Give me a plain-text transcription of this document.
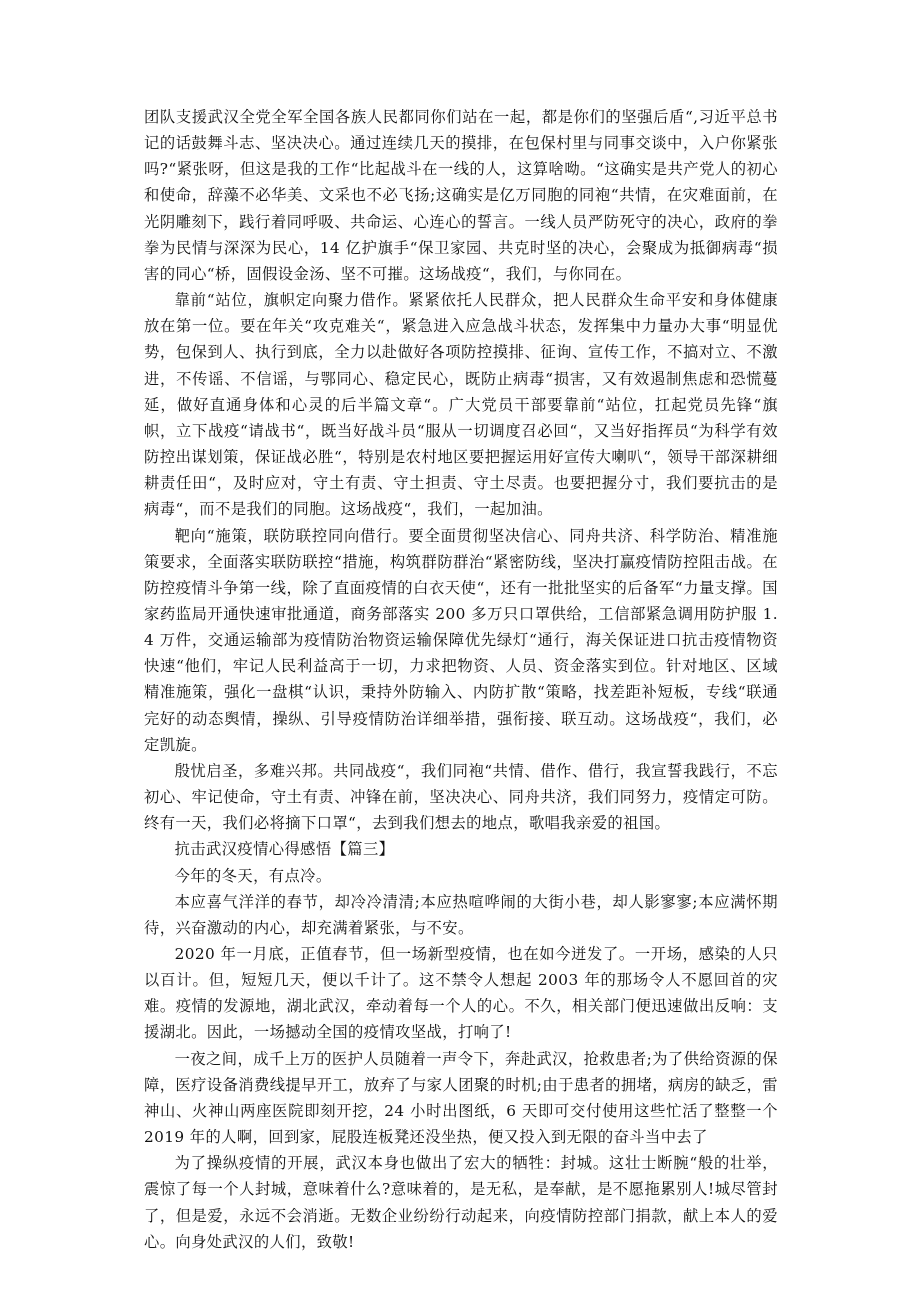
团队支援武汉全党全军全国各族人民都同你们站在一起，都是你们的坚强后盾“,习近平总书记的话鼓舞斗志、坚决决心。通过连续几天的摸排，在包保村里与同事交谈中，入户你紧张吗?“紧张呀，但这是我的工作“比起战斗在一线的人，这算啥呦。“这确实是共产党人的初心和使命，辞藻不必华美、文采也不必飞扬;这确实是亿万同胞的同袍“共情，在灾难面前，在光阴雕刻下，践行着同呼吸、共命运、心连心的誓言。一线人员严防死守的决心，政府的拳拳为民情与深深为民心，14 亿护旗手“保卫家园、共克时坚的决心，会聚成为抵御病毒“损害的同心“桥，固假设金汤、坚不可摧。这场战疫“，我们，与你同在。

靠前“站位，旗帜定向聚力借作。紧紧依托人民群众，把人民群众生命平安和身体健康放在第一位。要在年关“攻克难关“，紧急进入应急战斗状态，发挥集中力量办大事“明显优势，包保到人、执行到底，全力以赴做好各项防控摸排、征询、宣传工作，不搞对立、不激进，不传谣、不信谣，与鄂同心、稳定民心，既防止病毒“损害，又有效遏制焦虑和恐慌蔓延，做好直通身体和心灵的后半篇文章“。广大党员干部要靠前“站位，扛起党员先锋“旗帜，立下战疫“请战书“，既当好战斗员“服从一切调度召必回“，又当好指挥员“为科学有效防控出谋划策，保证战必胜“，特别是农村地区要把握运用好宣传大喇叭“，领导干部深耕细耕责任田“，及时应对，守土有责、守土担责、守土尽责。也要把握分寸，我们要抗击的是病毒“，而不是我们的同胞。这场战疫“，我们，一起加油。

靶向“施策，联防联控同向借行。要全面贯彻坚决信心、同舟共济、科学防治、精准施策要求，全面落实联防联控“措施，构筑群防群治“紧密防线，坚决打赢疫情防控阻击战。在防控疫情斗争第一线，除了直面疫情的白衣天使“，还有一批批坚实的后备军“力量支撑。国家药监局开通快速审批通道，商务部落实 200 多万只口罩供给，工信部紧急调用防护服 1.4 万件，交通运输部为疫情防治物资运输保障优先绿灯“通行，海关保证进口抗击疫情物资快速“他们，牢记人民利益高于一切，力求把物资、人员、资金落实到位。针对地区、区域精准施策，强化一盘棋“认识，秉持外防输入、内防扩散“策略，找差距补短板，专线“联通完好的动态舆情，操纵、引导疫情防治详细举措，强衔接、联互动。这场战疫“，我们，必定凯旋。

殷忧启圣，多难兴邦。共同战疫“，我们同袍“共情、借作、借行，我宣誓我践行，不忘初心、牢记使命，守土有责、冲锋在前，坚决决心、同舟共济，我们同努力，疫情定可防。终有一天，我们必将摘下口罩“，去到我们想去的地点，歌唱我亲爱的祖国。

抗击武汉疫情心得感悟【篇三】

今年的冬天，有点冷。

本应喜气洋洋的春节，却冷冷清清;本应热喧哗闹的大街小巷，却人影寥寥;本应满怀期待，兴奋激动的内心，却充满着紧张，与不安。

2020 年一月底，正值春节，但一场新型疫情，也在如今迸发了。一开场，感染的人只以百计。但，短短几天，便以千计了。这不禁令人想起 2003 年的那场令人不愿回首的灾难。疫情的发源地，湖北武汉，牵动着每一个人的心。不久，相关部门便迅速做出反响：支援湖北。因此，一场撼动全国的疫情攻坚战，打响了!

一夜之间，成千上万的医护人员随着一声令下，奔赴武汉，抢救患者;为了供给资源的保障，医疗设备消费线提早开工，放弃了与家人团聚的时机;由于患者的拥堵，病房的缺乏，雷神山、火神山两座医院即刻开挖，24 小时出图纸，6 天即可交付使用这些忙活了整整一个 2019 年的人啊，回到家，屁股连板凳还没坐热，便又投入到无限的奋斗当中去了

为了操纵疫情的开展，武汉本身也做出了宏大的牺牲：封城。这壮士断腕“般的壮举，震惊了每一个人封城，意味着什么?意味着的，是无私，是奉献，是不愿拖累别人!城尽管封了，但是爱，永远不会消逝。无数企业纷纷行动起来，向疫情防控部门捐款，献上本人的爱心。向身处武汉的人们，致敬!
